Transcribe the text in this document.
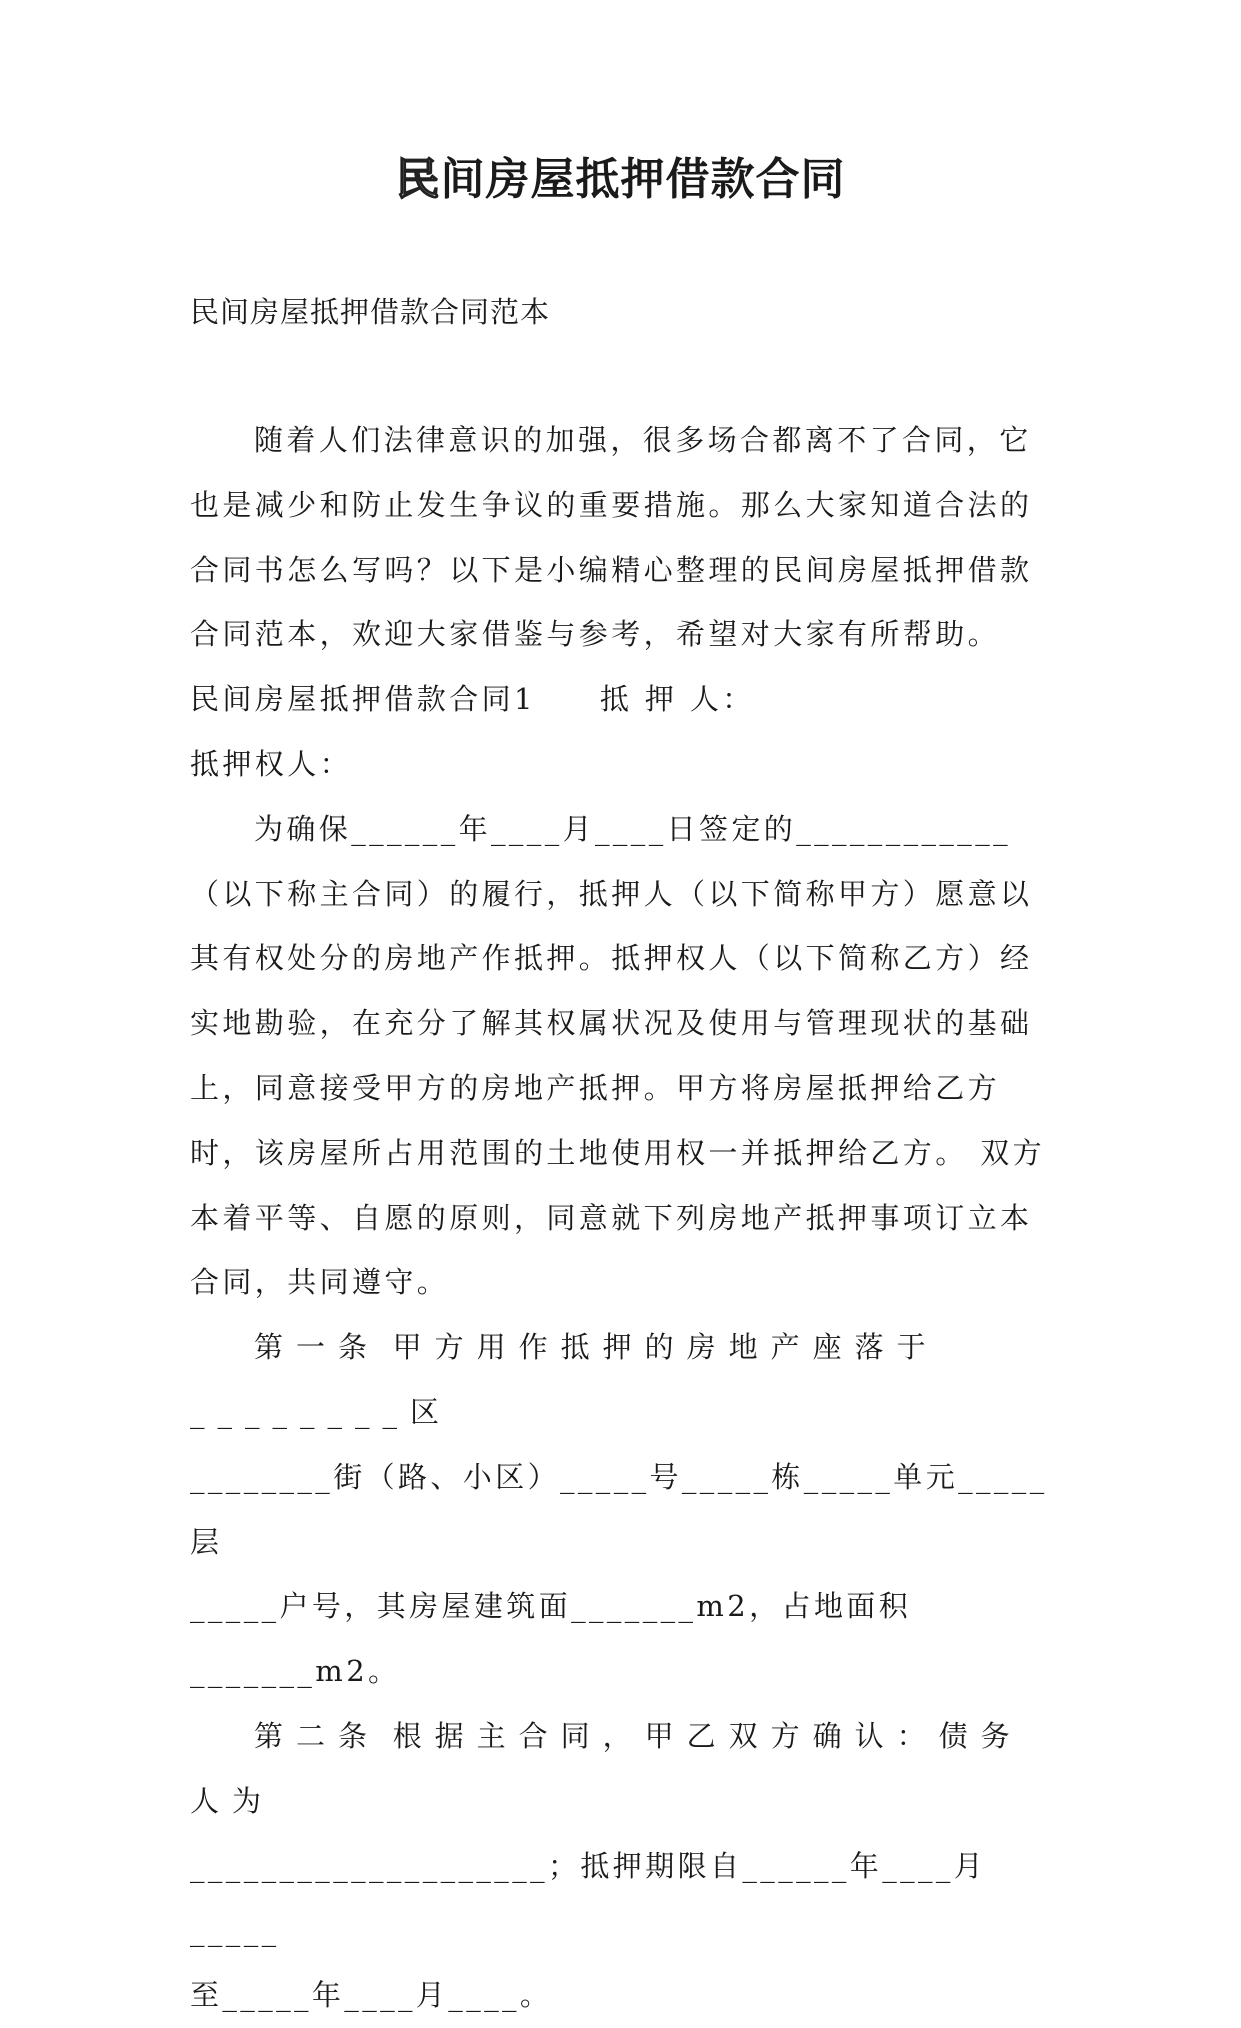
民间房屋抵押借款合同
民间房屋抵押借款合同范本

随着人们法律意识的加强，很多场合都离不了合同，它也是减少和防止发生争议的重要措施。那么大家知道合法的合同书怎么写吗？以下是小编精心整理的民间房屋抵押借款合同范本，欢迎大家借鉴与参考，希望对大家有所帮助。

民间房屋抵押借款合同1 抵 押 人：

抵押权人：

为确保______年____月____日签定的____________（以下称主合同）的履行，抵押人（以下简称甲方）愿意以其有权处分的房地产作抵押。抵押权人（以下简称乙方）经实地勘验，在充分了解其权属状况及使用与管理现状的基础上，同意接受甲方的房地产抵押。甲方将房屋抵押给乙方时，该房屋所占用范围的土地使用权一并抵押给乙方。 双方本着平等、自愿的原则，同意就下列房地产抵押事项订立本合同，共同遵守。

第一条 甲方用作抵押的房地产座落于________区

________街（路、小区）_____号_____栋_____单元_____层

_____户号，其房屋建筑面_______m2，占地面积_______m2。

第二条 根据主合同，甲乙双方确认：债务人为

____________________；抵押期限自______年____月_____

至_____年____月____。
